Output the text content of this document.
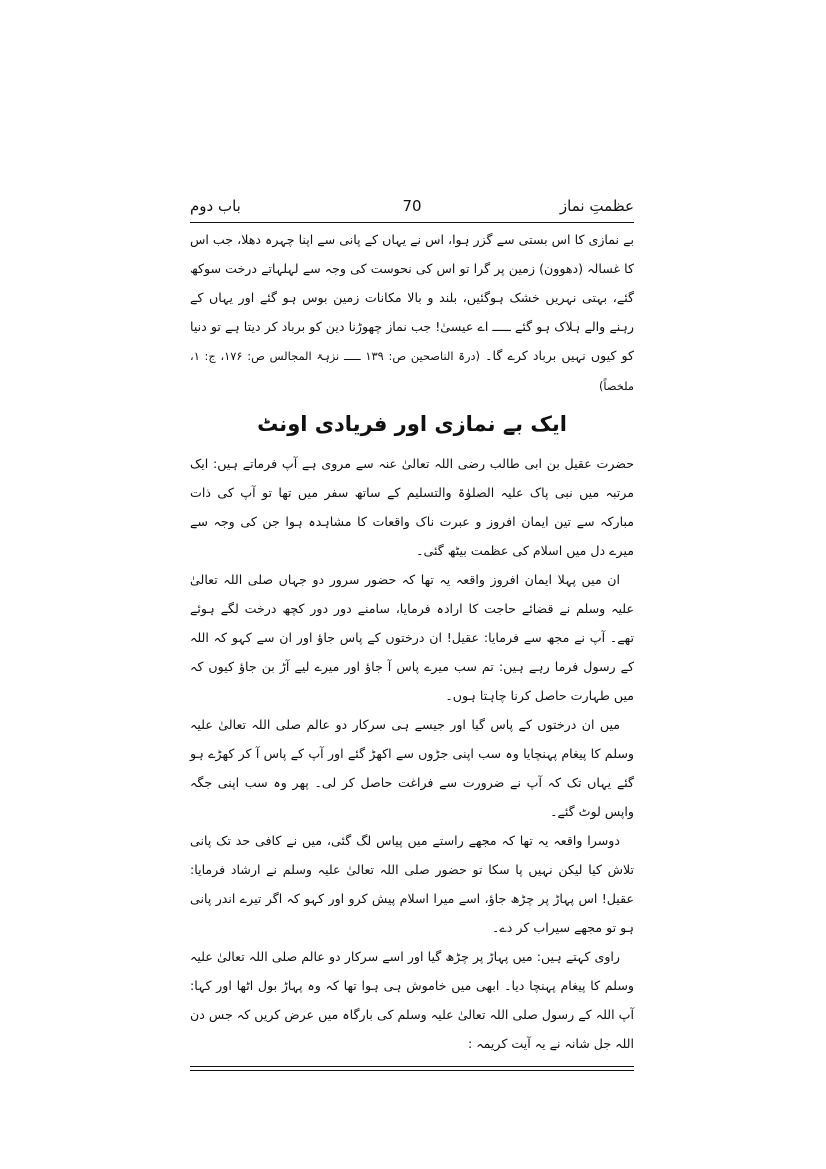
عظمتِ نماز
70
باب دوم

بے نمازی کا اس بستی سے گزر ہوا، اس نے یہاں کے پانی سے اپنا چہرہ دھلا، جب اس کا غسالہ (دھوون) زمین پر گرا تو اس کی نحوست کی وجہ سے لہلہاتے درخت سوکھ گئے، بہتی نہریں خشک ہوگئیں، بلند و بالا مکانات زمین بوس ہو گئے اور یہاں کے رہنے والے ہلاک ہو گئے ـــــ اے عیسیٰ! جب نماز چھوڑنا دین کو برباد کر دیتا ہے تو دنیا کو کیوں نہیں برباد کرے گا۔ (درۃ الناصحین ص: ۱۳۹ ـــــ نزہۃ المجالس ص: ۱۷۶، ج: ۱، ملخصاً)

ایک بے نمازی اور فریادی اونٹ

حضرت عقیل بن ابی طالب رضی اللہ تعالیٰ عنہ سے مروی ہے آپ فرماتے ہیں: ایک مرتبہ میں نبی پاک علیہ الصلوٰۃ والتسلیم کے ساتھ سفر میں تھا تو آپ کی ذات مبارکہ سے تین ایمان افروز و عبرت ناک واقعات کا مشاہدہ ہوا جن کی وجہ سے میرے دل میں اسلام کی عظمت بیٹھ گئی۔

ان میں پہلا ایمان افروز واقعہ یہ تھا کہ حضور سرور دو جہاں صلی اللہ تعالیٰ علیہ وسلم نے قضائے حاجت کا ارادہ فرمایا، سامنے دور دور کچھ درخت لگے ہوئے تھے۔ آپ نے مجھ سے فرمایا: عقیل! ان درختوں کے پاس جاؤ اور ان سے کہو کہ اللہ کے رسول فرما رہے ہیں: تم سب میرے پاس آ جاؤ اور میرے لیے آڑ بن جاؤ کیوں کہ میں طہارت حاصل کرنا چاہتا ہوں۔

میں ان درختوں کے پاس گیا اور جیسے ہی سرکار دو عالم صلی اللہ تعالیٰ علیہ وسلم کا پیغام پہنچایا وہ سب اپنی جڑوں سے اکھڑ گئے اور آپ کے پاس آ کر کھڑے ہو گئے یہاں تک کہ آپ نے ضرورت سے فراغت حاصل کر لی۔ پھر وہ سب اپنی جگہ واپس لوٹ گئے۔

دوسرا واقعہ یہ تھا کہ مجھے راستے میں پیاس لگ گئی، میں نے کافی حد تک پانی تلاش کیا لیکن نہیں پا سکا تو حضور صلی اللہ تعالیٰ علیہ وسلم نے ارشاد فرمایا: عقیل! اس پہاڑ پر چڑھ جاؤ، اسے میرا اسلام پیش کرو اور کہو کہ اگر تیرے اندر پانی ہو تو مجھے سیراب کر دے۔

راوی کہتے ہیں: میں پہاڑ پر چڑھ گیا اور اسے سرکار دو عالم صلی اللہ تعالیٰ علیہ وسلم کا پیغام پہنچا دیا۔ ابھی میں خاموش ہی ہوا تھا کہ وہ پہاڑ بول اٹھا اور کہا: آپ اللہ کے رسول صلی اللہ تعالیٰ علیہ وسلم کی بارگاہ میں عرض کریں کہ جس دن اللہ جل شانہ نے یہ آیت کریمہ :
